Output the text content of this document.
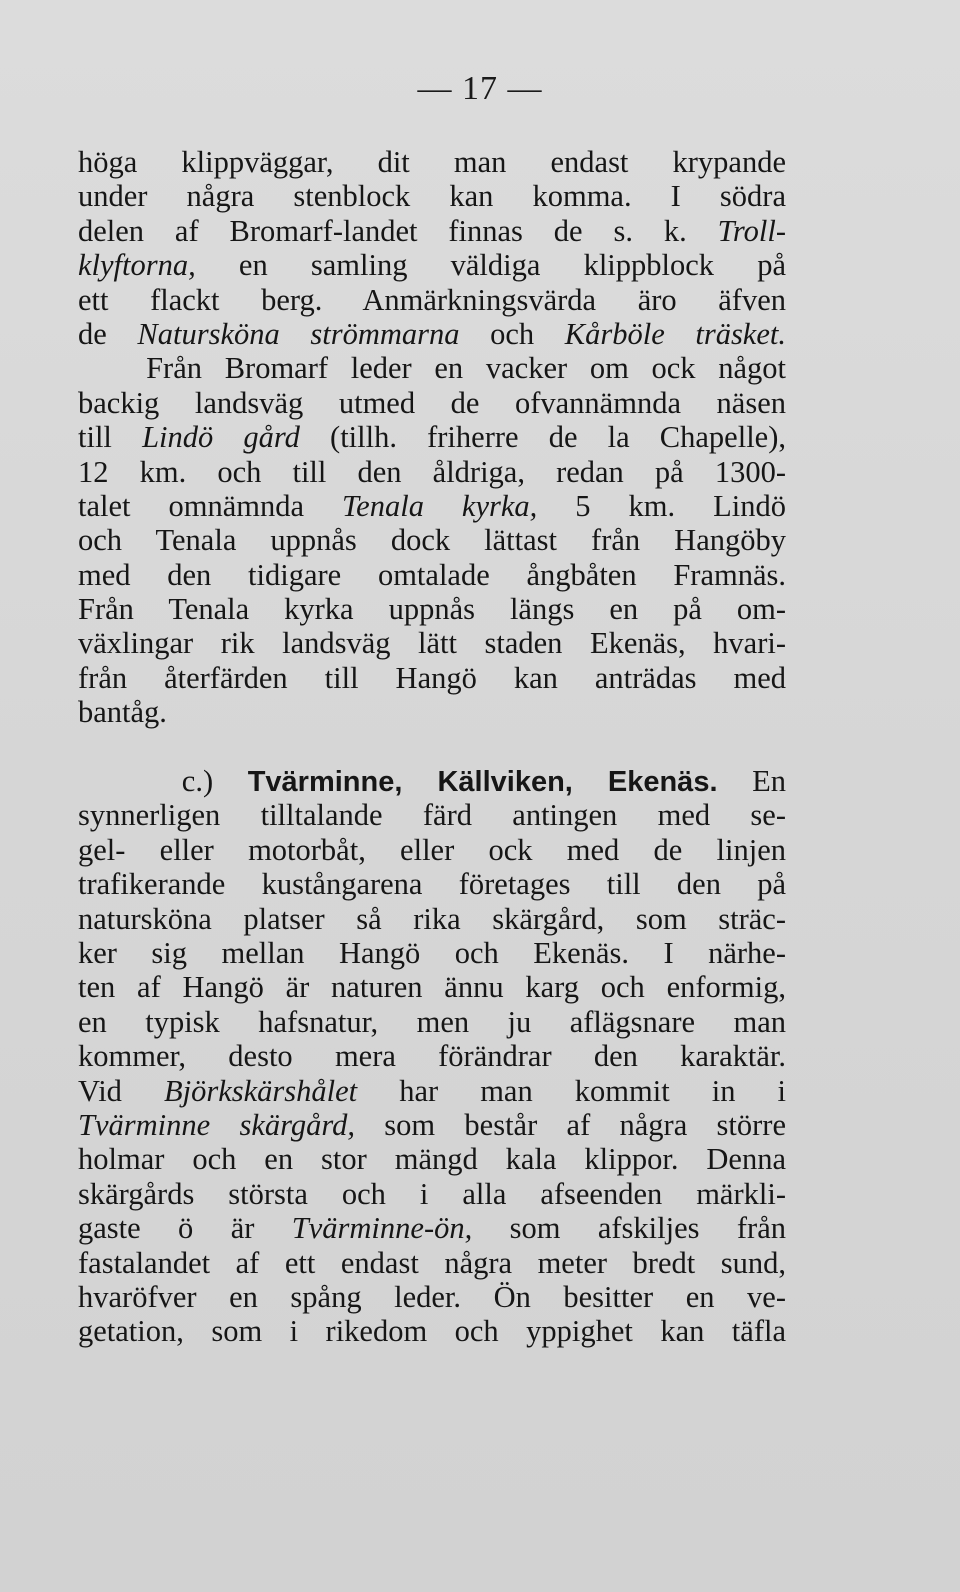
— 17 —
höga klippväggar, dit man endast krypande
under några stenblock kan komma. I södra
delen af Bromarf-landet finnas de s. k. Troll-
klyftorna, en samling väldiga klippblock på
ett flackt berg. Anmärkningsvärda äro äfven
de Natursköna strömmarna och Kårböle träsket.
Från Bromarf leder en vacker om ock något
backig landsväg utmed de ofvannämnda näsen
till Lindö gård (tillh. friherre de la Chapelle),
12 km. och till den åldriga, redan på 1300-
talet omnämnda Tenala kyrka, 5 km. Lindö
och Tenala uppnås dock lättast från Hangöby
med den tidigare omtalade ångbåten Framnäs.
Från Tenala kyrka uppnås längs en på om-
växlingar rik landsväg lätt staden Ekenäs, hvari-
från återfärden till Hangö kan anträdas med
bantåg.
c.) Tvärminne, Källviken, Ekenäs. En
synnerligen tilltalande färd antingen med se-
gel- eller motorbåt, eller ock med de linjen
trafikerande kustångarena företages till den på
natursköna platser så rika skärgård, som sträc-
ker sig mellan Hangö och Ekenäs. I närhe-
ten af Hangö är naturen ännu karg och enformig,
en typisk hafsnatur, men ju aflägsnare man
kommer, desto mera förändrar den karaktär.
Vid Björkskärshålet har man kommit in i
Tvärminne skärgård, som består af några större
holmar och en stor mängd kala klippor. Denna
skärgårds största och i alla afseenden märkli-
gaste ö är Tvärminne-ön, som afskiljes från
fastalandet af ett endast några meter bredt sund,
hvaröfver en spång leder. Ön besitter en ve-
getation, som i rikedom och yppighet kan täfla
